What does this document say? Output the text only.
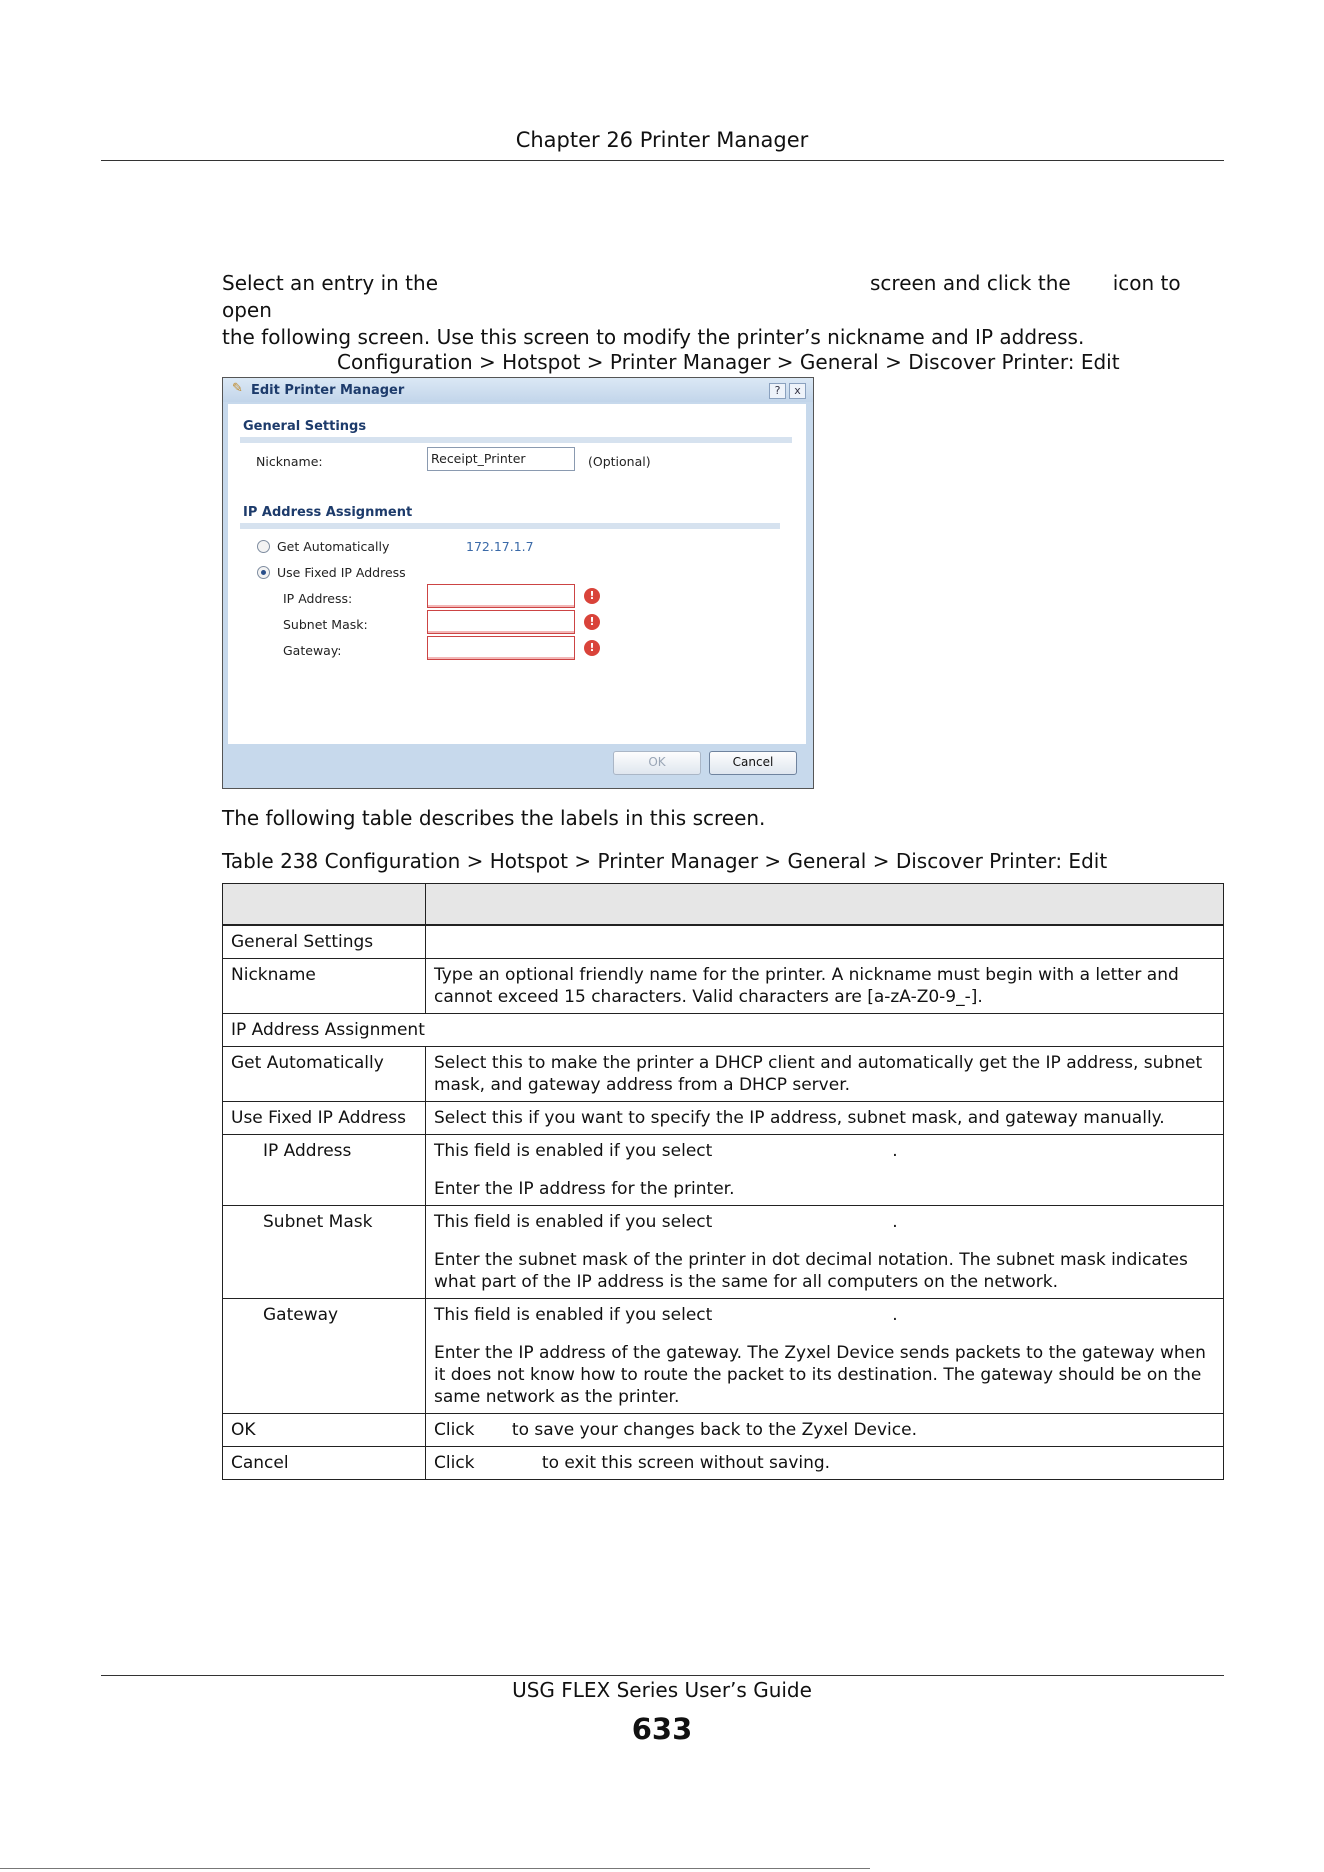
Chapter 26 Printer Manager

Select an entry in the	screen and click the icon to open

the following screen. Use this screen to modify the printer’s nickname and IP address.

Configuration > Hotspot > Printer Manager > General > Discover Printer: Edit
✎ Edit Printer Manager	?	x
General Settings
Nickname:	Receipt_Printer	(Optional)
IP Address Assignment
Get Automatically	172.17.1.7
Use Fixed IP Address
IP Address:	!
Subnet Mask:	!
Gateway:	!
OK	Cancel
The following table describes the labels in this screen.
Table 238 Configuration > Hotspot > Printer Manager > General > Discover Printer: Edit

General Settings	
Nickname	Type an optional friendly name for the printer. A nickname must begin with a letter and cannot exceed 15 characters. Valid characters are [a-zA-Z0-9_-].
IP Address Assignment	
Get Automatically	Select this to make the printer a DHCP client and automatically get the IP address, subnet mask, and gateway address from a DHCP server.
Use Fixed IP Address	Select this if you want to specify the IP address, subnet mask, and gateway manually.
IP Address	This field is enabled if you select .

Enter the IP address for the printer.

Subnet Mask	This field is enabled if you select .

Enter the subnet mask of the printer in dot decimal notation. The subnet mask indicates what part of the IP address is the same for all computers on the network.

Gateway	This field is enabled if you select .

Enter the IP address of the gateway. The Zyxel Device sends packets to the gateway when it does not know how to route the packet to its destination. The gateway should be on the same network as the printer.

OK	Click to save your changes back to the Zyxel Device.
Cancel	Click to exit this screen without saving.
USG FLEX Series User’s Guide
633
